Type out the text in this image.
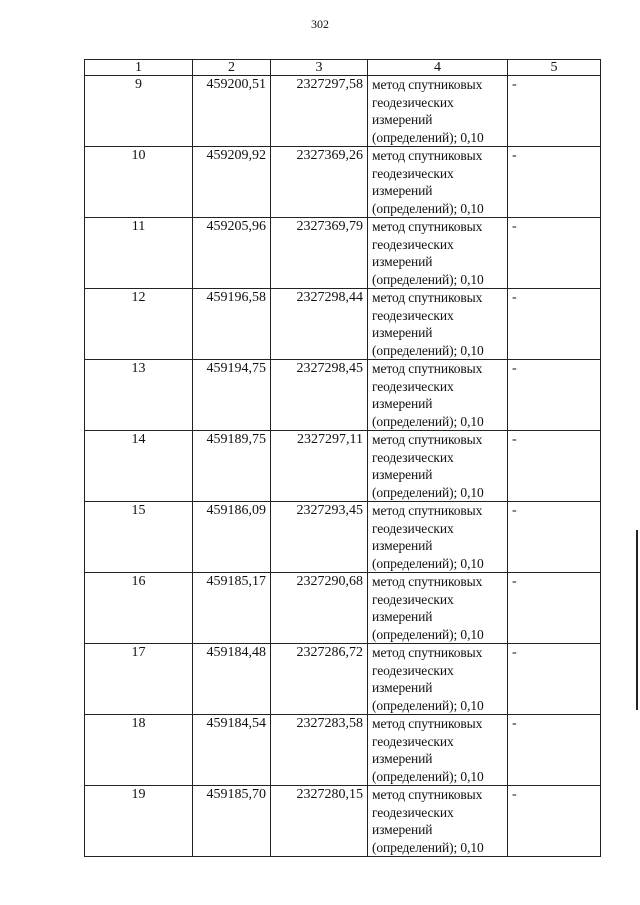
302
1	2	3	4	5
9	459200,51	2327297,58	метод спутниковых
геодезических
измерений
(определений); 0,10	-
10	459209,92	2327369,26	метод спутниковых
геодезических
измерений
(определений); 0,10	-
11	459205,96	2327369,79	метод спутниковых
геодезических
измерений
(определений); 0,10	-
12	459196,58	2327298,44	метод спутниковых
геодезических
измерений
(определений); 0,10	-
13	459194,75	2327298,45	метод спутниковых
геодезических
измерений
(определений); 0,10	-
14	459189,75	2327297,11	метод спутниковых
геодезических
измерений
(определений); 0,10	-
15	459186,09	2327293,45	метод спутниковых
геодезических
измерений
(определений); 0,10	-
16	459185,17	2327290,68	метод спутниковых
геодезических
измерений
(определений); 0,10	-
17	459184,48	2327286,72	метод спутниковых
геодезических
измерений
(определений); 0,10	-
18	459184,54	2327283,58	метод спутниковых
геодезических
измерений
(определений); 0,10	-
19	459185,70	2327280,15	метод спутниковых
геодезических
измерений
(определений); 0,10	-
